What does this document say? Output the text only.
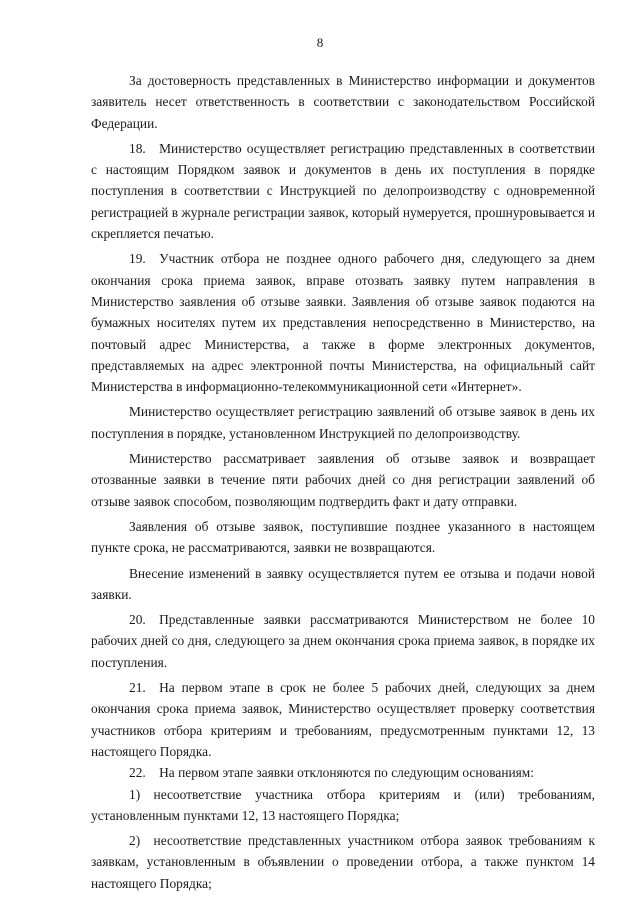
8

За достоверность представленных в Министерство информации и документов заявитель несет ответственность в соответствии с законодательством Российской Федерации.

18. Министерство осуществляет регистрацию представленных в соответствии с настоящим Порядком заявок и документов в день их поступления в порядке поступления в соответствии с Инструкцией по делопроизводству с одновременной регистрацией в журнале регистрации заявок, который нумеруется, прошнуровывается и скрепляется печатью.

19. Участник отбора не позднее одного рабочего дня, следующего за днем окончания срока приема заявок, вправе отозвать заявку путем направления в Министерство заявления об отзыве заявки. Заявления об отзыве заявок подаются на бумажных носителях путем их представления непосредственно в Министерство, на почтовый адрес Министерства, а также в форме электронных документов, представляемых на адрес электронной почты Министерства, на официальный сайт Министерства в информационно-телекоммуникационной сети «Интернет».

Министерство осуществляет регистрацию заявлений об отзыве заявок в день их поступления в порядке, установленном Инструкцией по делопроизводству.

Министерство рассматривает заявления об отзыве заявок и возвращает отозванные заявки в течение пяти рабочих дней со дня регистрации заявлений об отзыве заявок способом, позволяющим подтвердить факт и дату отправки.

Заявления об отзыве заявок, поступившие позднее указанного в настоящем пункте срока, не рассматриваются, заявки не возвращаются.

Внесение изменений в заявку осуществляется путем ее отзыва и подачи новой заявки.

20. Представленные заявки рассматриваются Министерством не более 10 рабочих дней со дня, следующего за днем окончания срока приема заявок, в порядке их поступления.

21. На первом этапе в срок не более 5 рабочих дней, следующих за днем окончания срока приема заявок, Министерство осуществляет проверку соответствия участников отбора критериям и требованиям, предусмотренным пунктами 12, 13 настоящего Порядка.

22. На первом этапе заявки отклоняются по следующим основаниям:

1) несоответствие участника отбора критериям и (или) требованиям, установленным пунктами 12, 13 настоящего Порядка;

2) несоответствие представленных участником отбора заявок требованиям к заявкам, установленным в объявлении о проведении отбора, а также пунктом 14 настоящего Порядка;
